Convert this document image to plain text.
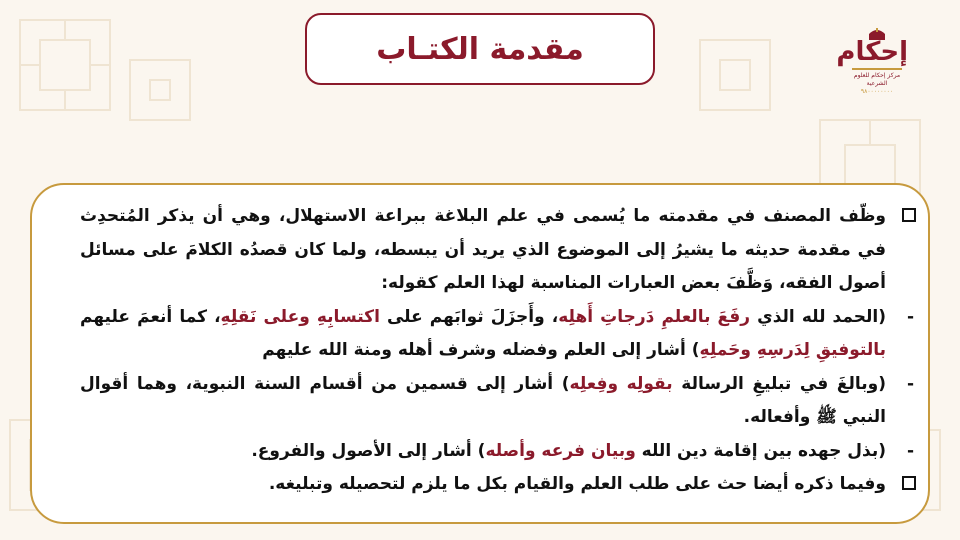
مقدمة الكتـاب	إحكام
مركز إحكام للعلوم الشرعية
٩٨٠٠٠٠٠٠٠٠
وظّف المصنف في مقدمته ما يُسمى في علم البلاغة ببراعة الاستهلال، وهي أن يذكر المُتحدِث في مقدمة حديثه ما يشيرُ إلى الموضوع الذي يريد أن يبسطه، ولما كان قصدُه الكلامَ على مسائل أصول الفقه، وَظَّفَ بعض العبارات المناسبة لهذا العلم كقوله:
-
(الحمد لله الذي رفَعَ بالعلمِ دَرجاتِ أَهلِه، وأَجزَلَ ثوابَهم على اكتسابِهِ وعلى نَقلِهِ، كما أنعمَ عليهم بالتوفيقِ لِدَرسِهِ وحَملِهِ) أشار إلى العلم وفضله وشرف أهله ومنة الله عليهم
-
(وبالغَ في تبليغِ الرسالة بقولِه وفِعلِه) أشار إلى قسمين من أقسام السنة النبوية، وهما أقوال النبي ﷺ وأفعاله.
-
(بذل جهده بين إقامة دين الله وبيان فرعه وأصله) أشار إلى الأصول والفروع.
وفيما ذكره أيضا حث على طلب العلم والقيام بكل ما يلزم لتحصيله وتبليغه.
